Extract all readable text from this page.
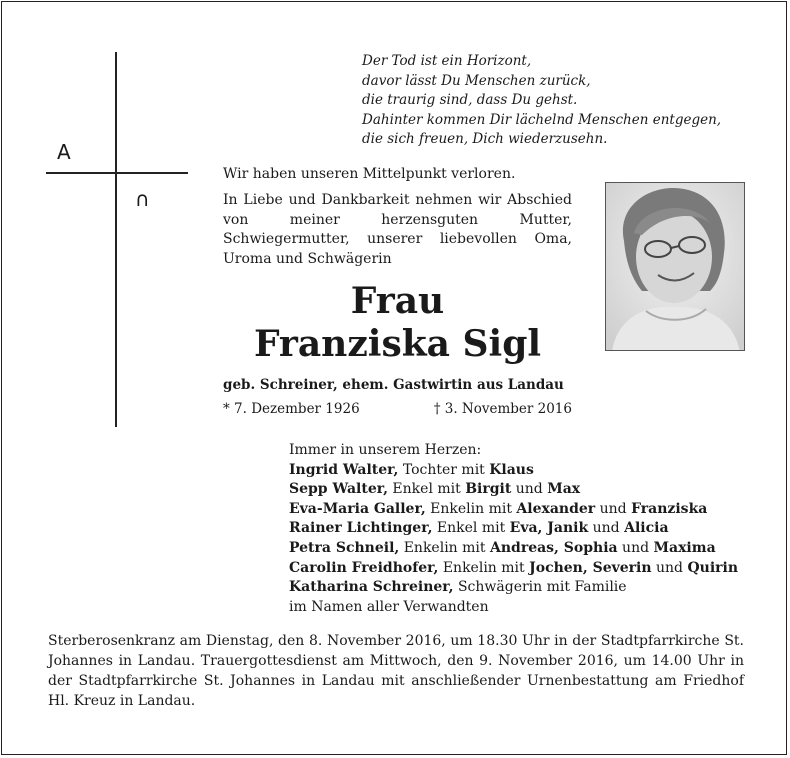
Der Tod ist ein Horizont,
davor lässt Du Menschen zurück,
die traurig sind, dass Du gehst.
Dahinter kommen Dir lächelnd Menschen entgegen,
die sich freuen, Dich wiederzusehn.
A
∩
Wir haben unseren Mittelpunkt verloren.
In Liebe und Dankbarkeit nehmen wir Abschied von meiner herzensguten Mutter, Schwiegermutter, unserer liebevollen Oma, Uroma und Schwägerin
Frau
Franziska Sigl
geb. Schreiner, ehem. Gastwirtin aus Landau
* 7. Dezember 1926	† 3. November 2016
Immer in unserem Herzen:
Ingrid Walter, Tochter mit Klaus
Sepp Walter, Enkel mit Birgit und Max
Eva-Maria Galler, Enkelin mit Alexander und Franziska
Rainer Lichtinger, Enkel mit Eva, Janik und Alicia
Petra Schneil, Enkelin mit Andreas, Sophia und Maxima
Carolin Freidhofer, Enkelin mit Jochen, Severin und Quirin
Katharina Schreiner, Schwägerin mit Familie
im Namen aller Verwandten
Sterberosenkranz am Dienstag, den 8. November 2016, um 18.30 Uhr in der Stadtpfarrkirche St. Johannes in Landau. Trauergottesdienst am Mittwoch, den 9. November 2016, um 14.00 Uhr in der Stadtpfarrkirche St. Johannes in Landau mit anschließender Urnenbestattung am Friedhof Hl. Kreuz in Landau.
